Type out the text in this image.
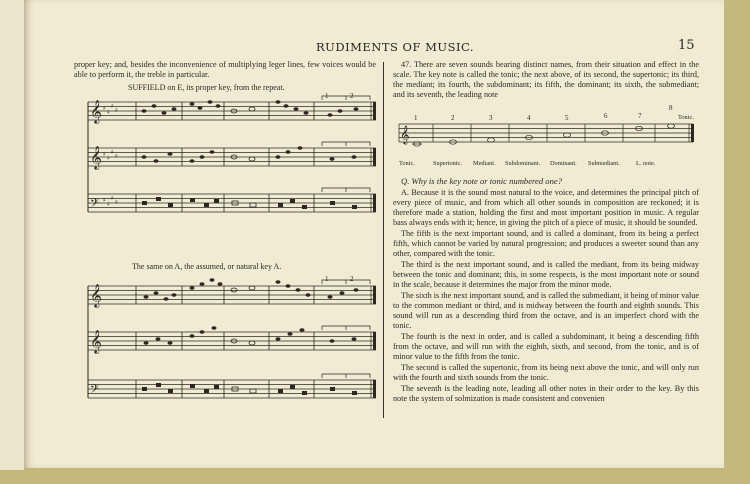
RUDIMENTS OF MUSIC.	15
proper key; and, besides the inconvenience of multiplying leger lines, few voices would be able to perform it, the treble in particular.
SUFFIELD on E, its proper key, from the repeat.
𝄞
𝄞
𝄢
♯
♯
♯
♯
♯
♯
♯
♯
♯
♯
♯
♯
1	2
The same on A, the assumed, or natural key A.
𝄞
𝄞
𝄢
1	2
47. There are seven sounds bearing distinct names, from their situation and effect in the scale. The key note is called the tonic; the next above, of its second, the supertonic; its third, the mediant; its fourth, the subdominant; its fifth, the dominant; its sixth, the submediant; and its seventh, the leading note
𝄞
1	2	3	4	5	6	7
8
Tonic.
Tonic.	Supertonic. Mediant. Subdominant. Dominant. Submediant.	L. note.

Q. Why is the key note or tonic numbered one?

A. Because it is the sound most natural to the voice, and determines the principal pitch of every piece of music, and from which all other sounds in composition are reckoned; it is therefore made a station, holding the first and most important position in music. A regular bass always ends with it; hence, in giving the pitch of a piece of music, it should be sounded.

The fifth is the next important sound, and is called a dominant, from its being a perfect fifth, which cannot be varied by natural progression; and produces a sweeter sound than any other, compared with the tonic.

The third is the next important sound, and is called the mediant, from its being midway between the tonic and dominant; this, in some respects, is the most important note or sound in the scale, because it determines the major from the minor mode.

The sixth is the next important sound, and is called the submediant, it being of minor value to the common mediant or third, and is midway between the fourth and eighth sounds. This sound will run as a descending third from the octave, and is an imperfect chord with the tonic.

The fourth is the next in order, and is called a subdominant, it being a descending fifth from the octave, and will run with the eighth, sixth, and second, from the tonic, and is of minor value to the fifth from the tonic.

The second is called the supertonic, from its being next above the tonic, and will only run with the fourth and sixth sounds from the tonic.

The seventh is the leading note, leading all other notes in their order to the key. By this note the system of solmization is made consistent and convenien
